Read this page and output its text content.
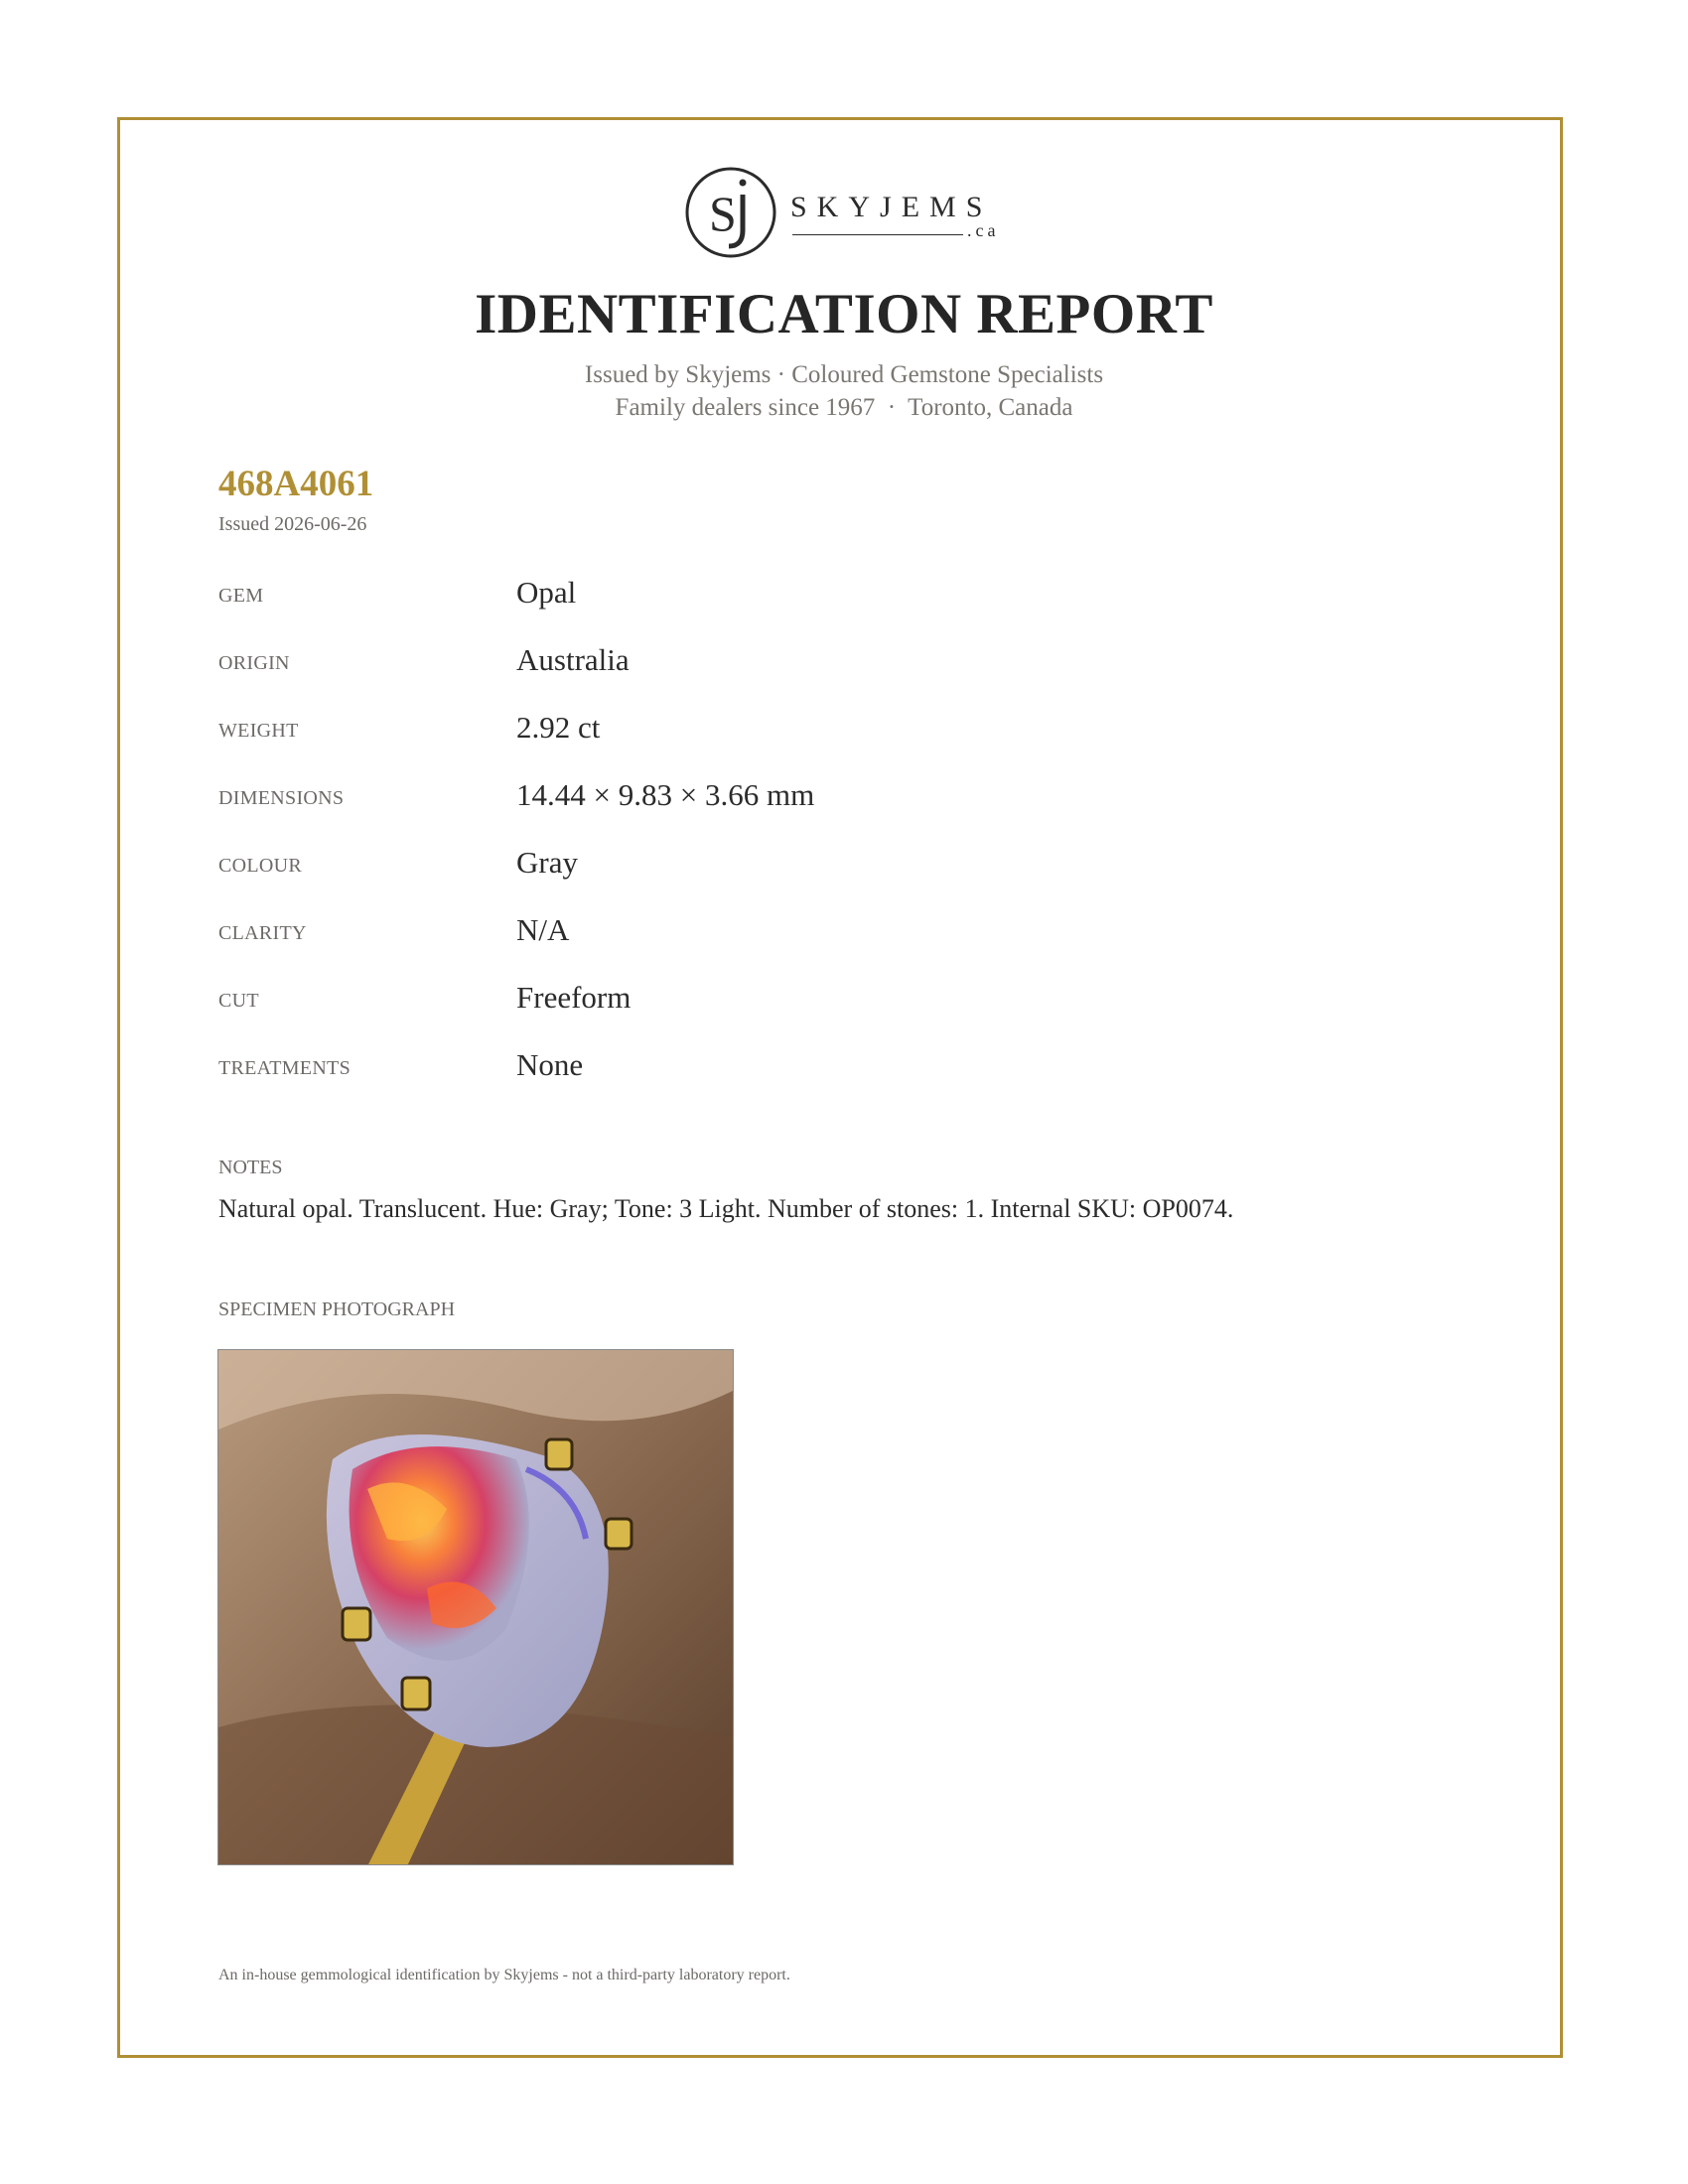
S SKYJEMS
.ca
IDENTIFICATION REPORT
Issued by Skyjems · Coloured Gemstone Specialists
Family dealers since 1967  ·  Toronto, Canada
468A4061
Issued 2026-06-26
GEM	Opal
ORIGIN	Australia
WEIGHT	2.92 ct
DIMENSIONS	14.44 × 9.83 × 3.66 mm
COLOUR	Gray
CLARITY	N/A
CUT	Freeform
TREATMENTS	None
NOTES
Natural opal. Translucent. Hue: Gray; Tone: 3 Light. Number of stones: 1. Internal SKU: OP0074.
SPECIMEN PHOTOGRAPH
An in-house gemmological identification by Skyjems - not a third-party laboratory report.
